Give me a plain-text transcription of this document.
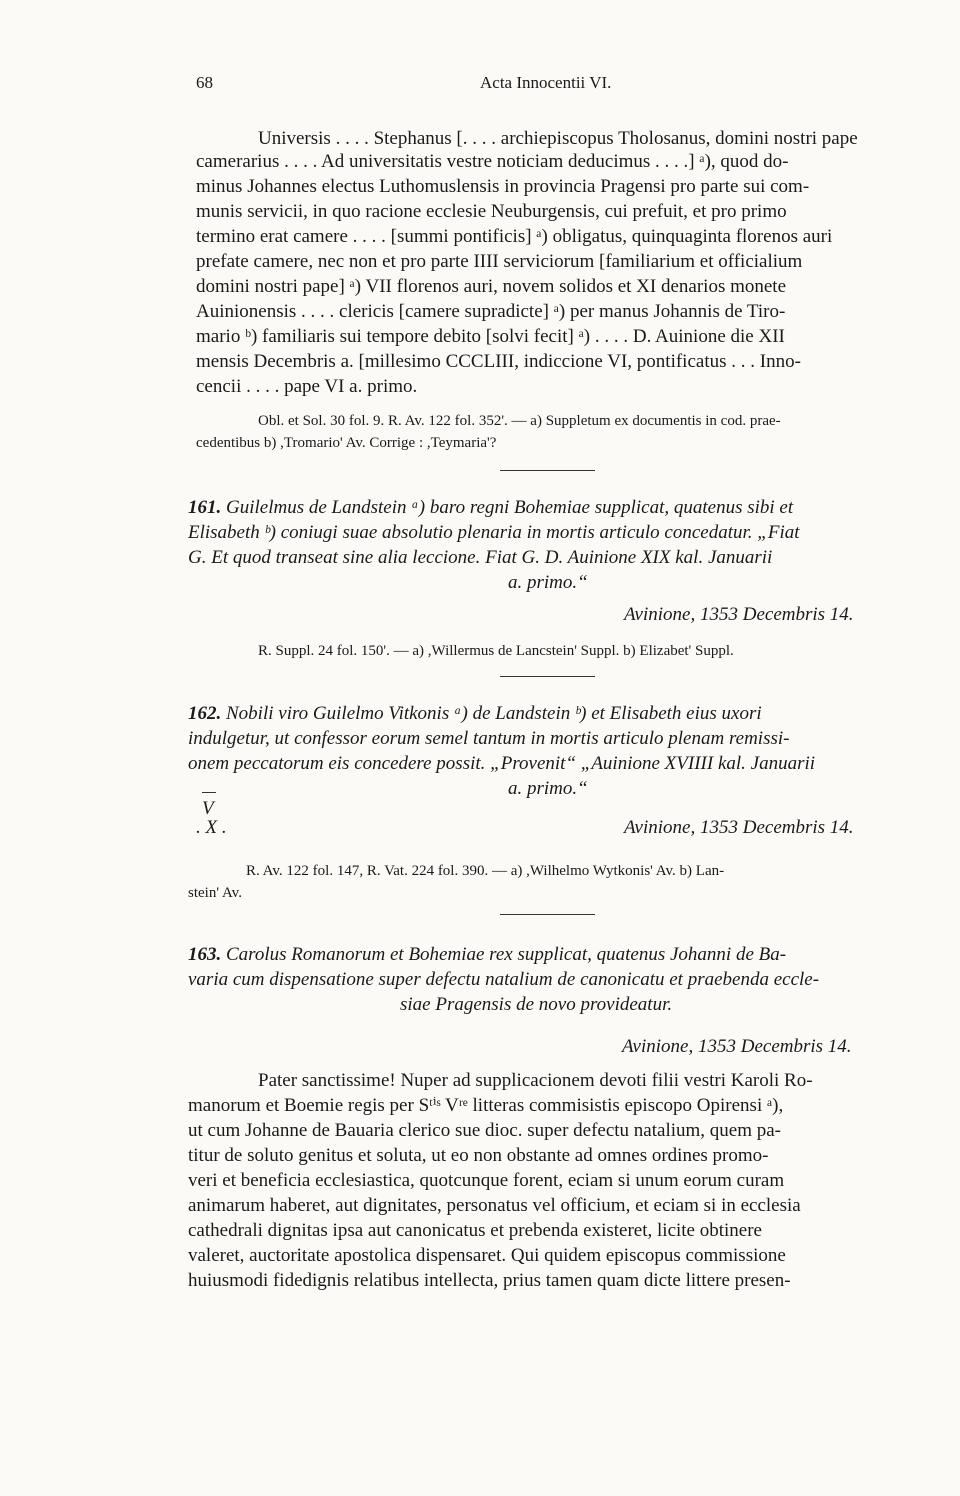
68	Acta Innocentii VI.
Universis . . . . Stephanus [. . . . archiepiscopus Tholosanus, domini nostri pape
camerarius . . . . Ad universitatis vestre noticiam deducimus . . . .] ᵃ), quod do-
minus Johannes electus Luthomuslensis in provincia Pragensi pro parte sui com-
munis servicii, in quo racione ecclesie Neuburgensis, cui prefuit, et pro primo
termino erat camere . . . . [summi pontificis] ᵃ) obligatus, quinquaginta florenos auri
prefate camere, nec non et pro parte IIII serviciorum [familiarium et officialium
domini nostri pape] ᵃ) VII florenos auri, novem solidos et XI denarios monete
Auinionensis . . . . clericis [camere supradicte] ᵃ) per manus Johannis de Tiro-
mario ᵇ) familiaris sui tempore debito [solvi fecit] ᵃ) . . . . D. Auinione die XII
mensis Decembris a. [millesimo CCCLIII, indiccione VI, pontificatus . . . Inno-
cencii . . . . pape VI a. primo.
Obl. et Sol. 30 fol. 9. R. Av. 122 fol. 352'. — a) Suppletum ex documentis in cod. prae-
cedentibus b) ,Tromario' Av. Corrige : ,Teymaria'?
161. Guilelmus de Landstein ᵃ) baro regni Bohemiae supplicat, quatenus sibi et
Elisabeth ᵇ) coniugi suae absolutio plenaria in mortis articulo concedatur. „Fiat
G. Et quod transeat sine alia leccione. Fiat G. D. Auinione XIX kal. Januarii
a. primo.“
Avinione, 1353 Decembris 14.
R. Suppl. 24 fol. 150'. — a) ,Willermus de Lancstein' Suppl. b) Elizabet' Suppl.
162. Nobili viro Guilelmo Vitkonis ᵃ) de Landstein ᵇ) et Elisabeth eius uxori
indulgetur, ut confessor eorum semel tantum in mortis articulo plenam remissi-
onem peccatorum eis concedere possit. „Provenit“ „Auinione XVIIII kal. Januarii
a. primo.“
V
. X .	Avinione, 1353 Decembris 14.
R. Av. 122 fol. 147, R. Vat. 224 fol. 390. — a) ,Wilhelmo Wytkonis' Av. b) Lan-
stein' Av.
163. Carolus Romanorum et Bohemiae rex supplicat, quatenus Johanni de Ba-
varia cum dispensatione super defectu natalium de canonicatu et praebenda eccle-
siae Pragensis de novo provideatur.
Avinione, 1353 Decembris 14.
Pater sanctissime! Nuper ad supplicacionem devoti filii vestri Karoli Ro-
manorum et Boemie regis per Sᵗⁱˢ Vʳᵉ litteras commisistis episcopo Opirensi ᵃ),
ut cum Johanne de Bauaria clerico sue dioc. super defectu natalium, quem pa-
titur de soluto genitus et soluta, ut eo non obstante ad omnes ordines promo-
veri et beneficia ecclesiastica, quotcunque forent, eciam si unum eorum curam
animarum haberet, aut dignitates, personatus vel officium, et eciam si in ecclesia
cathedrali dignitas ipsa aut canonicatus et prebenda existeret, licite obtinere
valeret, auctoritate apostolica dispensaret. Qui quidem episcopus commissione
huiusmodi fidedignis relatibus intellecta, prius tamen quam dicte littere presen-
